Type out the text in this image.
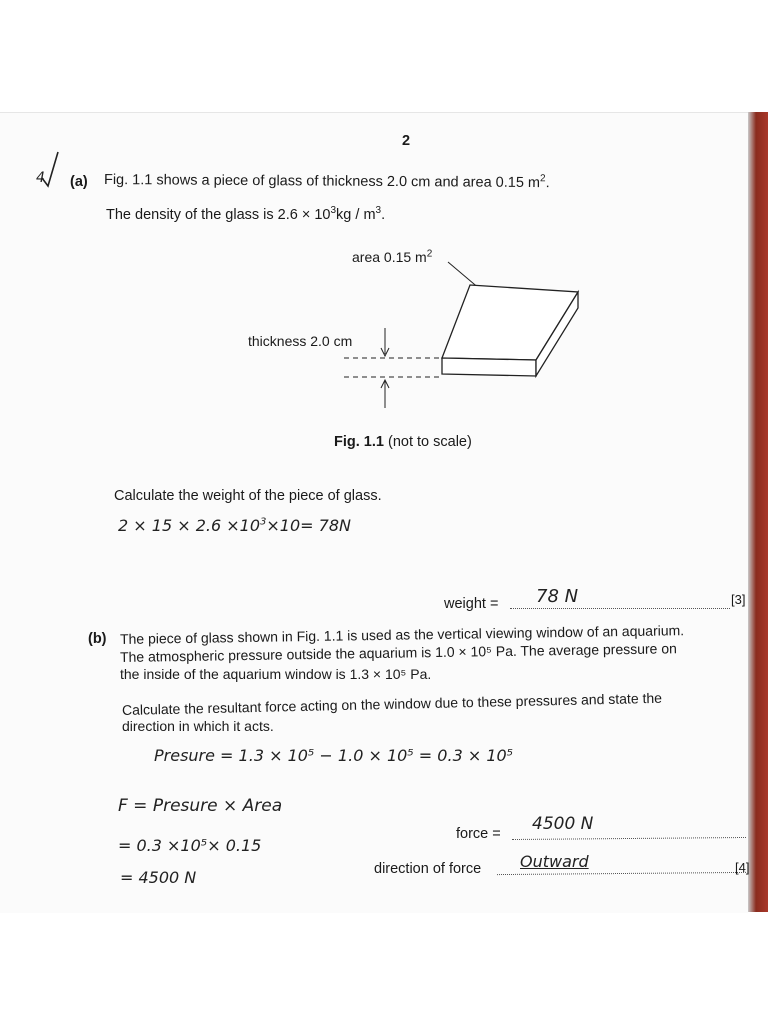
2
4 (a) Fig. 1.1 shows a piece of glass of thickness 2.0 cm and area 0.15 $m^2$.
The density of the glass is $2.6 \times 10^3kg / m^3$.
area 0.15 $m^2$
thickness 2.0 cm
Fig. 1.1 (not to scale)
Calculate the weight of the piece of glass.
$2 \times 15 \times 2.6 \times 10^3\times 10= 78N$
weight = 78 N	[3]
(b) The piece of glass shown in Fig. 1.1 is used as the vertical viewing window of an aquarium.
The atmospheric pressure outside the aquarium is 1.0 × 10⁵ Pa. The average pressure on
the inside of the aquarium window is 1.3 × 10⁵ Pa.
Calculate the resultant force acting on the window due to these pressures and state the
direction in which it acts.
Presure = 1.3 × 10⁵ − 1.0 × 10⁵ = 0.3 × 10⁵
F = Presure × Area
= 0.3 ×10⁵× 0.15
= 4500 N
force = 4500 N
direction of force Outward	[4]
